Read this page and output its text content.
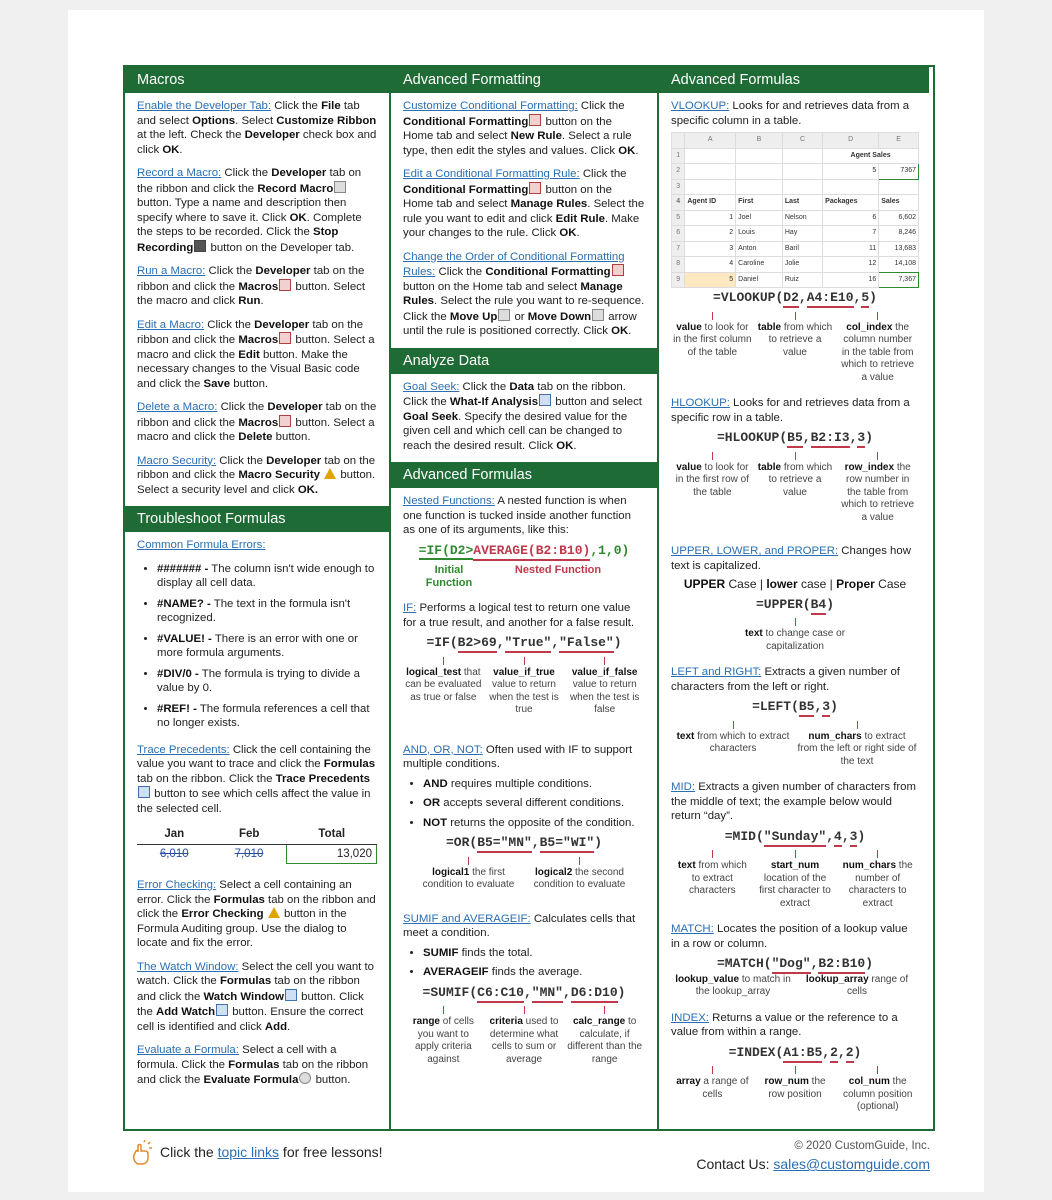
Macros

Enable the Developer Tab: Click the File tab and select Options. Select Customize Ribbon at the left. Check the Developer check box and click OK.

Record a Macro: Click the Developer tab on the ribbon and click the Record Macro button. Type a name and description then specify where to save it. Click OK. Complete the steps to be recorded. Click the Stop Recording button on the Developer tab.

Run a Macro: Click the Developer tab on the ribbon and click the Macros button. Select the macro and click Run.

Edit a Macro: Click the Developer tab on the ribbon and click the Macros button. Select a macro and click the Edit button. Make the necessary changes to the Visual Basic code and click the Save button.

Delete a Macro: Click the Developer tab on the ribbon and click the Macros button. Select a macro and click the Delete button.

Macro Security: Click the Developer tab on the ribbon and click the Macro Security  button. Select a security level and click OK.

Troubleshoot Formulas

Common Formula Errors:

• ####### - The column isn't wide enough to display all cell data.
• #NAME? - The text in the formula isn't recognized.
• #VALUE! - There is an error with one or more formula arguments.
• #DIV/0 - The formula is trying to divide a value by 0.
• #REF! - The formula references a cell that no longer exists.

Trace Precedents: Click the cell containing the value you want to trace and click the Formulas tab on the ribbon. Click the Trace Precedents button to see which cells affect the value in the selected cell.

Jan	Feb	Total
6,010	7,010	13,020

Error Checking: Select a cell containing an error. Click the Formulas tab on the ribbon and click the Error Checking  button in the Formula Auditing group. Use the dialog to locate and fix the error.

The Watch Window: Select the cell you want to watch. Click the Formulas tab on the ribbon and click the Watch Window button. Click the Add Watch button. Ensure the correct cell is identified and click Add.

Evaluate a Formula: Select a cell with a formula. Click the Formulas tab on the ribbon and click the Evaluate Formula button.

Advanced Formatting

Customize Conditional Formatting: Click the Conditional Formatting button on the Home tab and select New Rule. Select a rule type, then edit the styles and values. Click OK.

Edit a Conditional Formatting Rule: Click the Conditional Formatting button on the Home tab and select Manage Rules. Select the rule you want to edit and click Edit Rule. Make your changes to the rule. Click OK.

Change the Order of Conditional Formatting Rules: Click the Conditional Formatting button on the Home tab and select Manage Rules. Select the rule you want to re-sequence. Click the Move Up or Move Down arrow until the rule is positioned correctly. Click OK.

Analyze Data

Goal Seek: Click the Data tab on the ribbon. Click the What-If Analysis button and select Goal Seek. Specify the desired value for the given cell and which cell can be changed to reach the desired result. Click OK.

Advanced Formulas

Nested Functions: A nested function is when one function is tucked inside another function as one of its arguments, like this:

=IF(D2>AVERAGE(B2:B10),1,0)
Initial Function
Nested Function

IF: Performs a logical test to return one value for a true result, and another for a false result.

=IF(B2>69,"True","False")
logical_test that can be evaluated as true or false
value_if_true value to return when the test is true
value_if_false value to return when the test is false

AND, OR, NOT: Often used with IF to support multiple conditions.

• AND requires multiple conditions.
• OR accepts several different conditions.
• NOT returns the opposite of the condition.
=OR(B5="MN",B5="WI")
logical1 the first condition to evaluate
logical2 the second condition to evaluate

SUMIF and AVERAGEIF: Calculates cells that meet a condition.

• SUMIF finds the total.
• AVERAGEIF finds the average.
=SUMIF(C6:C10,"MN",D6:D10)
range of cells you want to apply criteria against
criteria used to determine what cells to sum or average
calc_range to calculate, if different than the range
Advanced Formulas

VLOOKUP: Looks for and retrieves data from a specific column in a table.

	A	B	C	D	E
1				Agent Sales	
2				5	7367
3					
4	Agent ID	First	Last	Packages	Sales
5	1	Joel	Nelson	6	6,602
6	2	Louis	Hay	7	8,246
7	3	Anton	Baril	11	13,683
8	4	Caroline	Jolie	12	14,108
9	5	Daniel	Ruiz	16	7,367
=VLOOKUP(D2,A4:E10,5)
value to look for in the first column of the table
table from which to retrieve a value
col_index the column number in the table from which to retrieve a value

HLOOKUP: Looks for and retrieves data from a specific row in a table.

=HLOOKUP(B5,B2:I3,3)
value to look for in the first row of the table
table from which to retrieve a value
row_index the row number in the table from which to retrieve a value

UPPER, LOWER, and PROPER: Changes how text is capitalized.

UPPER Case | lower case | Proper Case
=UPPER(B4)
text to change case or capitalization

LEFT and RIGHT: Extracts a given number of characters from the left or right.

=LEFT(B5,3)
text from which to extract characters
num_chars to extract from the left or right side of the text

MID: Extracts a given number of characters from the middle of text; the example below would return “day”.

=MID("Sunday",4,3)
text from which to extract characters
start_num location of the first character to extract
num_chars the number of characters to extract

MATCH: Locates the position of a lookup value in a row or column.

=MATCH("Dog",B2:B10)
lookup_value to match in the lookup_array
lookup_array range of cells

INDEX: Returns a value or the reference to a value from within a range.

=INDEX(A1:B5,2,2)
array a range of cells
row_num the row position
col_num the column position (optional)
Click the topic links for free lessons!	© 2020 CustomGuide, Inc.
Contact Us: sales@customguide.com
